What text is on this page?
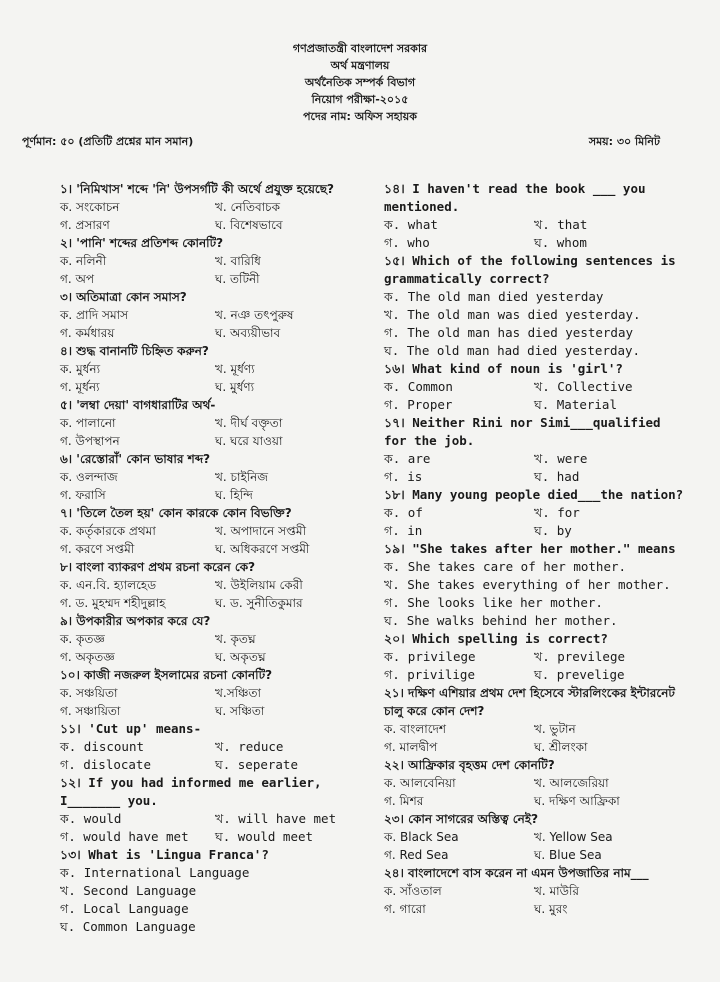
গণপ্রজাতন্ত্রী বাংলাদেশ সরকার
অর্থ মন্ত্রণালয়
অর্থনৈতিক সম্পর্ক বিভাগ
নিয়োগ পরীক্ষা-২০১৫
পদের নাম: অফিস সহায়ক
পূর্ণমান: ৫০ (প্রতিটি প্রশ্নের মান সমান)	সময়: ৩০ মিনিট
১। 'নিমিখাস' শব্দে 'নি' উপসর্গটি কী অর্থে প্রযুক্ত হয়েছে?
ক. সংকোচন	খ. নেতিবাচক
গ. প্রসারণ	ঘ. বিশেষভাবে
২। 'পানি' শব্দের প্রতিশব্দ কোনটি?
ক. নলিনী	খ. বারিধি
গ. অপ	ঘ. তটিনী
৩। অতিমাত্রা কোন সমাস?
ক. প্রাদি সমাস	খ. নঞ তৎপুরুষ
গ. কর্মধারয়	ঘ. অব্যয়ীভাব
৪। শুদ্ধ বানানটি চিহ্নিত করুন?
ক. মুর্ধন্য	খ. মূর্ধণ্য
গ. মূর্ধন্য	ঘ. মুর্ধণ্য
৫। 'লম্বা দেয়া' বাগধারাটির অর্থ-
ক. পালানো	খ. দীর্ঘ বক্তৃতা
গ. উপস্থাপন	ঘ. ঘরে যাওয়া
৬। 'রেস্তোরাঁ' কোন ভাষার শব্দ?
ক. ওলন্দাজ	খ. চাইনিজ
গ. ফরাসি	ঘ. হিন্দি
৭। 'তিলে তৈল হয়' কোন কারকে কোন বিভক্তি?
ক. কর্তৃকারকে প্রথমা	খ. অপাদানে সপ্তমী
গ. করণে সপ্তমী	ঘ. অধিকরণে সপ্তমী
৮। বাংলা ব্যাকরণ প্রথম রচনা করেন কে?
ক. এন.বি. হ্যালহেড	খ. উইলিয়াম কেরী
গ. ড. মুহম্মদ শহীদুল্লাহ	ঘ. ড. সুনীতিকুমার
৯। উপকারীর অপকার করে যে?
ক. কৃতজ্ঞ	খ. কৃতঘ্ন
গ. অকৃতজ্ঞ	ঘ. অকৃতঘ্ন
১০। কাজী নজরুল ইসলামের রচনা কোনটি?
ক. সঞ্চয়িতা	খ.সঞ্চিতা
গ. সঞ্চায়িতা	ঘ. সঞ্চিতা
১১। 'Cut up' means-
ক. discount	খ. reduce
গ. dislocate	ঘ. seperate
১২। If you had informed me earlier, I_______ you.
ক. would	খ. will have met
গ. would have met	ঘ. would meet
১৩। What is 'Lingua Franca'?
ক. International Language
খ. Second Language
গ. Local Language
ঘ. Common Language
১৪। I haven't read the book ___ you mentioned.
ক. what	খ. that
গ. who	ঘ. whom
১৫। Which of the following sentences is grammatically correct?
ক. The old man died yesterday
খ. The old man was died yesterday.
গ. The old man has died yesterday
ঘ. The old man had died yesterday.
১৬। What kind of noun is 'girl'?
ক. Common	খ. Collective
গ. Proper	ঘ. Material
১৭। Neither Rini nor Simi___qualified for the job.
ক. are	খ. were
গ. is	ঘ. had
১৮। Many young people died___the nation?
ক. of	খ. for
গ. in	ঘ. by
১৯। "She takes after her mother." means
ক. She takes care of her mother.
খ. She takes everything of her mother.
গ. She looks like her mother.
ঘ. She walks behind her mother.
২০। Which spelling is correct?
ক. privilege	খ. previlege
গ. privilige	ঘ. prevelige
২১। দক্ষিণ এশিয়ার প্রথম দেশ হিসেবে স্টারলিংকের ইন্টারনেট চালু করে কোন দেশ?
ক. বাংলাদেশ	খ. ভুটান
গ. মালদ্বীপ	ঘ. শ্রীলংকা
২২। আফ্রিকার বৃহত্তম দেশ কোনটি?
ক. আলবেনিয়া	খ. আলজেরিয়া
গ. মিশর	ঘ. দক্ষিণ আফ্রিকা
২৩। কোন সাগরের অস্তিত্ব নেই?
ক. Black Sea	খ. Yellow Sea
গ. Red Sea	ঘ. Blue Sea
২৪। বাংলাদেশে বাস করেন না এমন উপজাতির নাম___
ক. সাঁওতাল	খ. মাউরি
গ. গারো	ঘ. মুরং
